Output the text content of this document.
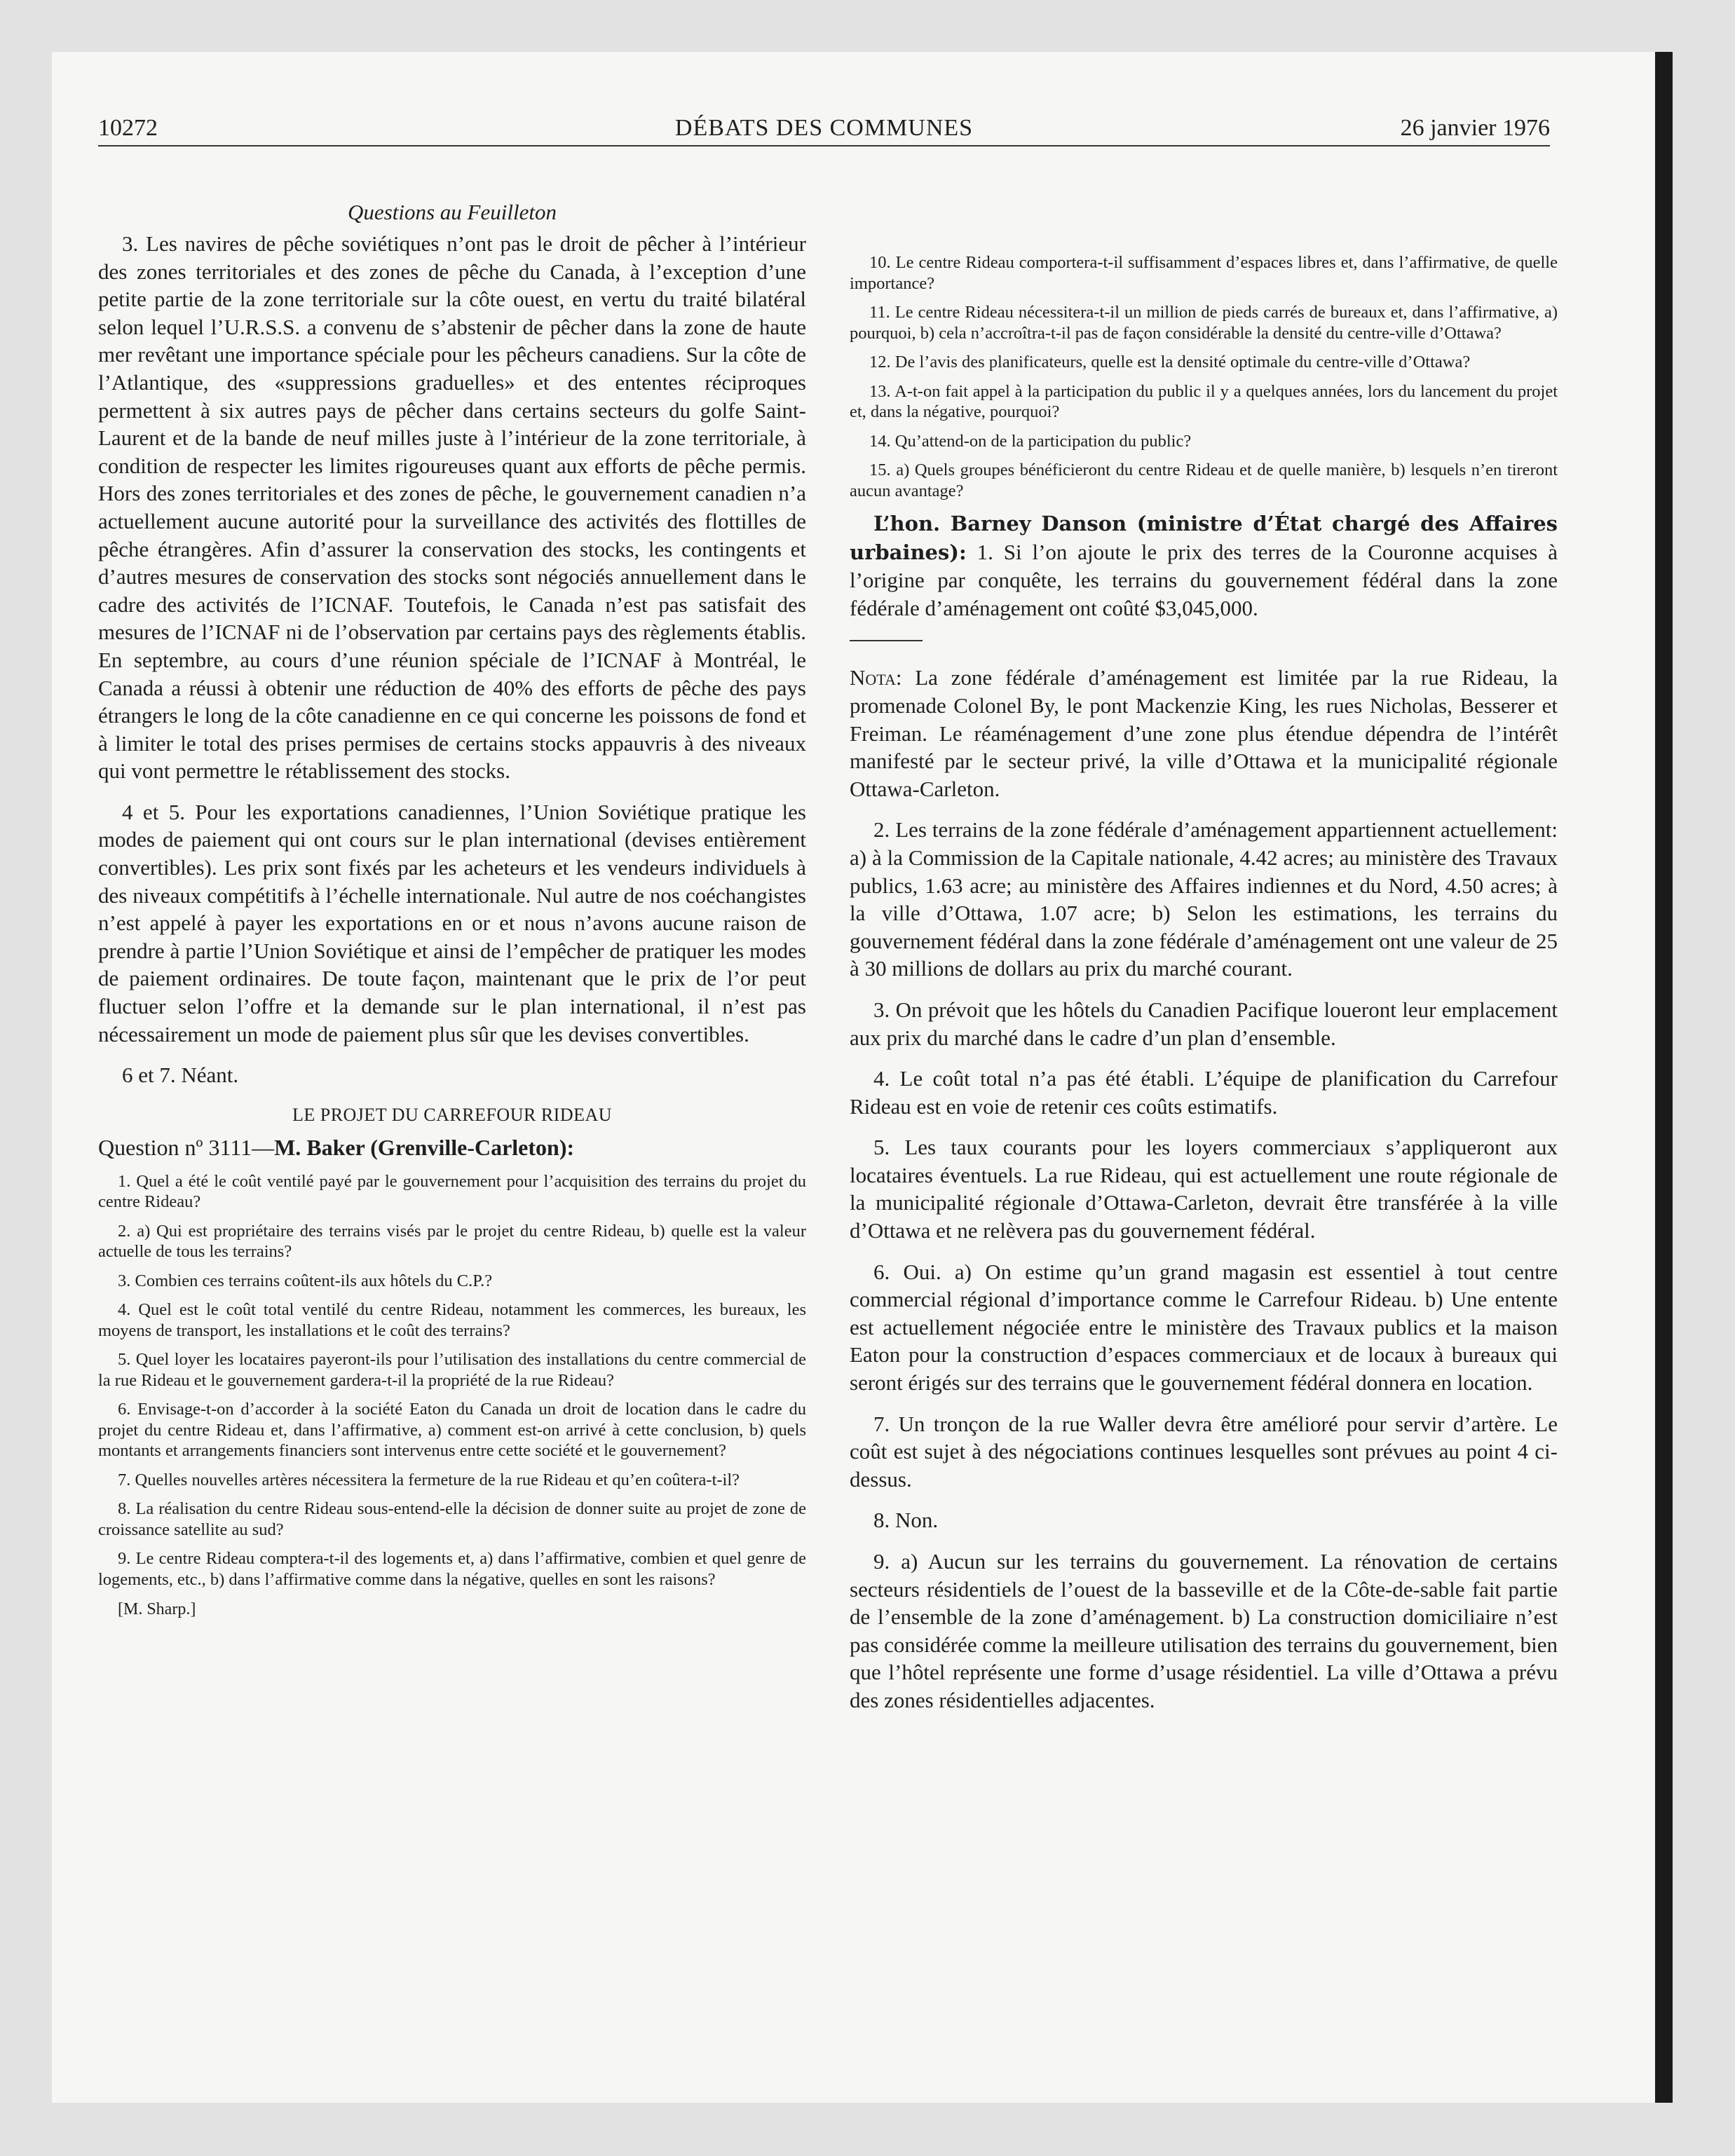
10272	DÉBATS DES COMMUNES	26 janvier 1976
Questions au Feuilleton

3. Les navires de pêche soviétiques n’ont pas le droit de pêcher à l’intérieur des zones territoriales et des zones de pêche du Canada, à l’exception d’une petite partie de la zone territoriale sur la côte ouest, en vertu du traité bilatéral selon lequel l’U.R.S.S. a convenu de s’abstenir de pêcher dans la zone de haute mer revêtant une importance spéciale pour les pêcheurs canadiens. Sur la côte de l’Atlantique, des «suppressions graduelles» et des ententes réciproques permettent à six autres pays de pêcher dans certains secteurs du golfe Saint-Laurent et de la bande de neuf milles juste à l’intérieur de la zone territoriale, à condition de respecter les limites rigoureuses quant aux efforts de pêche permis. Hors des zones territoriales et des zones de pêche, le gouvernement canadien n’a actuellement aucune autorité pour la surveillance des activités des flottilles de pêche étrangères. Afin d’assurer la conservation des stocks, les contingents et d’autres mesures de conservation des stocks sont négociés annuellement dans le cadre des activités de l’ICNAF. Toutefois, le Canada n’est pas satisfait des mesures de l’ICNAF ni de l’observation par certains pays des règlements établis. En septembre, au cours d’une réunion spéciale de l’ICNAF à Montréal, le Canada a réussi à obtenir une réduction de 40% des efforts de pêche des pays étrangers le long de la côte canadienne en ce qui concerne les poissons de fond et à limiter le total des prises permises de certains stocks appauvris à des niveaux qui vont permettre le rétablissement des stocks.

4 et 5. Pour les exportations canadiennes, l’Union Soviétique pratique les modes de paiement qui ont cours sur le plan international (devises entièrement convertibles). Les prix sont fixés par les acheteurs et les vendeurs individuels à des niveaux compétitifs à l’échelle internationale. Nul autre de nos coéchangistes n’est appelé à payer les exportations en or et nous n’avons aucune raison de prendre à partie l’Union Soviétique et ainsi de l’empêcher de pratiquer les modes de paiement ordinaires. De toute façon, maintenant que le prix de l’or peut fluctuer selon l’offre et la demande sur le plan international, il n’est pas nécessairement un mode de paiement plus sûr que les devises convertibles.

6 et 7. Néant.

LE PROJET DU CARREFOUR RIDEAU
Question nº 3111—M. Baker (Grenville-Carleton):

1. Quel a été le coût ventilé payé par le gouvernement pour l’acquisition des terrains du projet du centre Rideau?

2. a) Qui est propriétaire des terrains visés par le projet du centre Rideau, b) quelle est la valeur actuelle de tous les terrains?

3. Combien ces terrains coûtent-ils aux hôtels du C.P.?

4. Quel est le coût total ventilé du centre Rideau, notamment les commerces, les bureaux, les moyens de transport, les installations et le coût des terrains?

5. Quel loyer les locataires payeront-ils pour l’utilisation des installations du centre commercial de la rue Rideau et le gouvernement gardera-t-il la propriété de la rue Rideau?

6. Envisage-t-on d’accorder à la société Eaton du Canada un droit de location dans le cadre du projet du centre Rideau et, dans l’affirmative, a) comment est-on arrivé à cette conclusion, b) quels montants et arrangements financiers sont intervenus entre cette société et le gouvernement?

7. Quelles nouvelles artères nécessitera la fermeture de la rue Rideau et qu’en coûtera-t-il?

8. La réalisation du centre Rideau sous-entend-elle la décision de donner suite au projet de zone de croissance satellite au sud?

9. Le centre Rideau comptera-t-il des logements et, a) dans l’affirmative, combien et quel genre de logements, etc., b) dans l’affirmative comme dans la négative, quelles en sont les raisons?

[M. Sharp.]

10. Le centre Rideau comportera-t-il suffisamment d’espaces libres et, dans l’affirmative, de quelle importance?

11. Le centre Rideau nécessitera-t-il un million de pieds carrés de bureaux et, dans l’affirmative, a) pourquoi, b) cela n’accroîtra-t-il pas de façon considérable la densité du centre-ville d’Ottawa?

12. De l’avis des planificateurs, quelle est la densité optimale du centre-ville d’Ottawa?

13. A-t-on fait appel à la participation du public il y a quelques années, lors du lancement du projet et, dans la négative, pourquoi?

14. Qu’attend-on de la participation du public?

15. a) Quels groupes bénéficieront du centre Rideau et de quelle manière, b) lesquels n’en tireront aucun avantage?

L’hon. Barney Danson (ministre d’État chargé des Affaires urbaines): 1. Si l’on ajoute le prix des terres de la Couronne acquises à l’origine par conquête, les terrains du gouvernement fédéral dans la zone fédérale d’aménagement ont coûté $3,045,000.

Nota: La zone fédérale d’aménagement est limitée par la rue Rideau, la promenade Colonel By, le pont Mackenzie King, les rues Nicholas, Besserer et Freiman. Le réaménagement d’une zone plus étendue dépendra de l’intérêt manifesté par le secteur privé, la ville d’Ottawa et la municipalité régionale Ottawa-Carleton.

2. Les terrains de la zone fédérale d’aménagement appartiennent actuellement: a) à la Commission de la Capitale nationale, 4.42 acres; au ministère des Travaux publics, 1.63 acre; au ministère des Affaires indiennes et du Nord, 4.50 acres; à la ville d’Ottawa, 1.07 acre; b) Selon les estimations, les terrains du gouvernement fédéral dans la zone fédérale d’aménagement ont une valeur de 25 à 30 millions de dollars au prix du marché courant.

3. On prévoit que les hôtels du Canadien Pacifique loueront leur emplacement aux prix du marché dans le cadre d’un plan d’ensemble.

4. Le coût total n’a pas été établi. L’équipe de planification du Carrefour Rideau est en voie de retenir ces coûts estimatifs.

5. Les taux courants pour les loyers commerciaux s’appliqueront aux locataires éventuels. La rue Rideau, qui est actuellement une route régionale de la municipalité régionale d’Ottawa-Carleton, devrait être transférée à la ville d’Ottawa et ne relèvera pas du gouvernement fédéral.

6. Oui. a) On estime qu’un grand magasin est essentiel à tout centre commercial régional d’importance comme le Carrefour Rideau. b) Une entente est actuellement négociée entre le ministère des Travaux publics et la maison Eaton pour la construction d’espaces commerciaux et de locaux à bureaux qui seront érigés sur des terrains que le gouvernement fédéral donnera en location.

7. Un tronçon de la rue Waller devra être amélioré pour servir d’artère. Le coût est sujet à des négociations continues lesquelles sont prévues au point 4 ci-dessus.

8. Non.

9. a) Aucun sur les terrains du gouvernement. La rénovation de certains secteurs résidentiels de l’ouest de la basseville et de la Côte-de-sable fait partie de l’ensemble de la zone d’aménagement. b) La construction domiciliaire n’est pas considérée comme la meilleure utilisation des terrains du gouvernement, bien que l’hôtel représente une forme d’usage résidentiel. La ville d’Ottawa a prévu des zones résidentielles adjacentes.
